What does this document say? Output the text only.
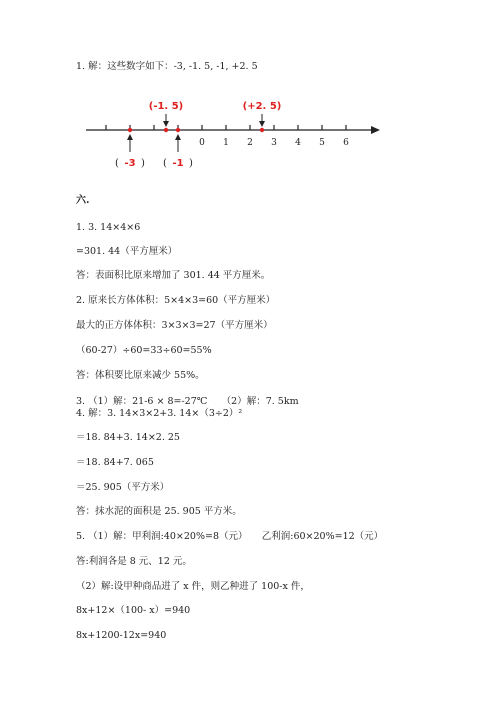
1. 解：这些数字如下：-3, -1. 5, -1, +2. 5
0 1 2 3 4 5 6
( -3 )
(-1. 5)
( -1 )
(+2. 5)
六.
1. 3. 14×4×6
=301. 44（平方厘米）
答：表面积比原来增加了 301. 44 平方厘米。
2. 原来长方体体积：5×4×3=60（平方厘米）
最大的正方体体积：3×3×3=27（平方厘米）
（60-27）÷60=33÷60=55%
答：体积要比原来减少 55%。
3. （1）解：21-6 × 8=-27℃　　（2）解：7. 5km
4. 解：3. 14×3×2+3. 14×（3÷2）²
＝18. 84+3. 14×2. 25
＝18. 84+7. 065
＝25. 905（平方米）
答：抹水泥的面积是 25. 905 平方米。
5. （1）解：甲利润:40×20%=8（元）　　乙利润:60×20%=12（元）
答:利润各是 8 元、12 元。
（2）解:设甲种商品进了 x 件，则乙种进了 100-x 件，
8x+12×（100- x）=940
8x+1200-12x=940
